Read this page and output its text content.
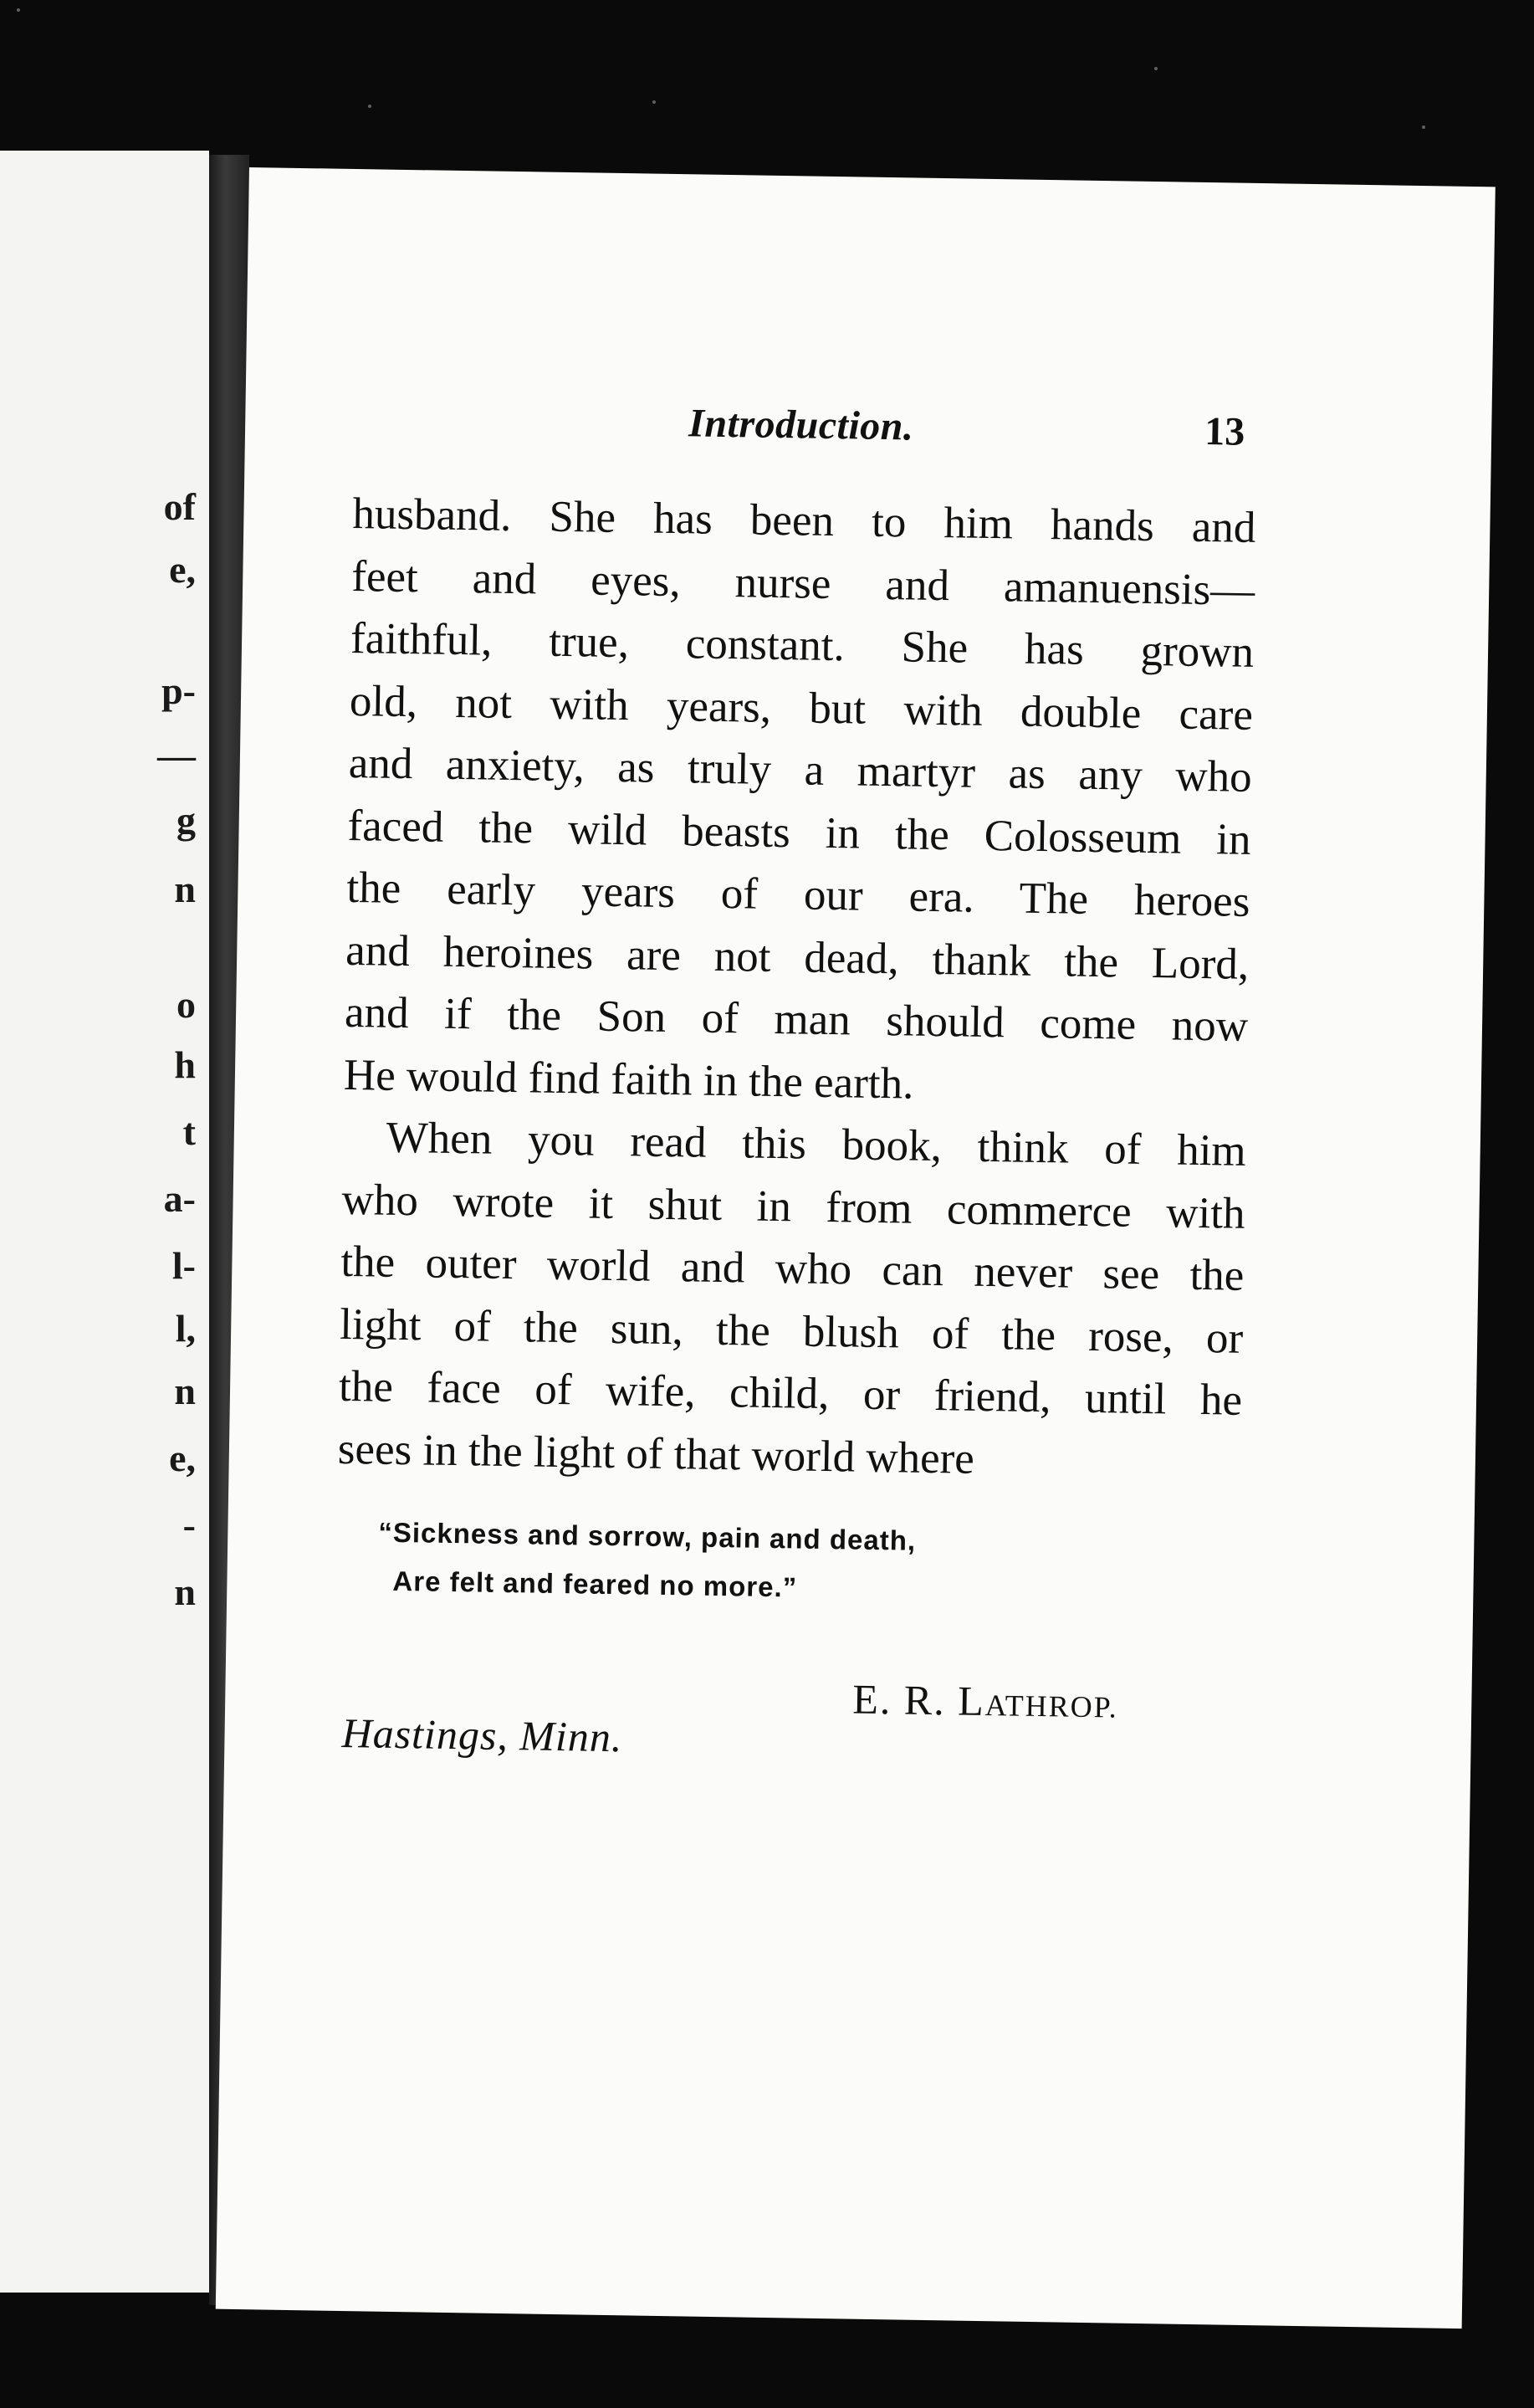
of
e,
p-
—
g
n
o
h
t
a-
l-
l,
n
e,
-
n
Introduction.	13

husband. She has been to him hands and
feet and eyes, nurse and amanuensis—
faithful, true, constant. She has grown
old, not with years, but with double care
and anxiety, as truly a martyr as any who
faced the wild beasts in the Colosseum in
the early years of our era. The heroes
and heroines are not dead, thank the Lord,
and if the Son of man should come now
He would find faith in the earth.

When you read this book, think of him
who wrote it shut in from commerce with
the outer world and who can never see the
light of the sun, the blush of the rose, or
the face of wife, child, or friend, until he
sees in the light of that world where

“Sickness and sorrow, pain and death,
Are felt and feared no more.”
E. R. LATHROP.
Hastings, Minn.
